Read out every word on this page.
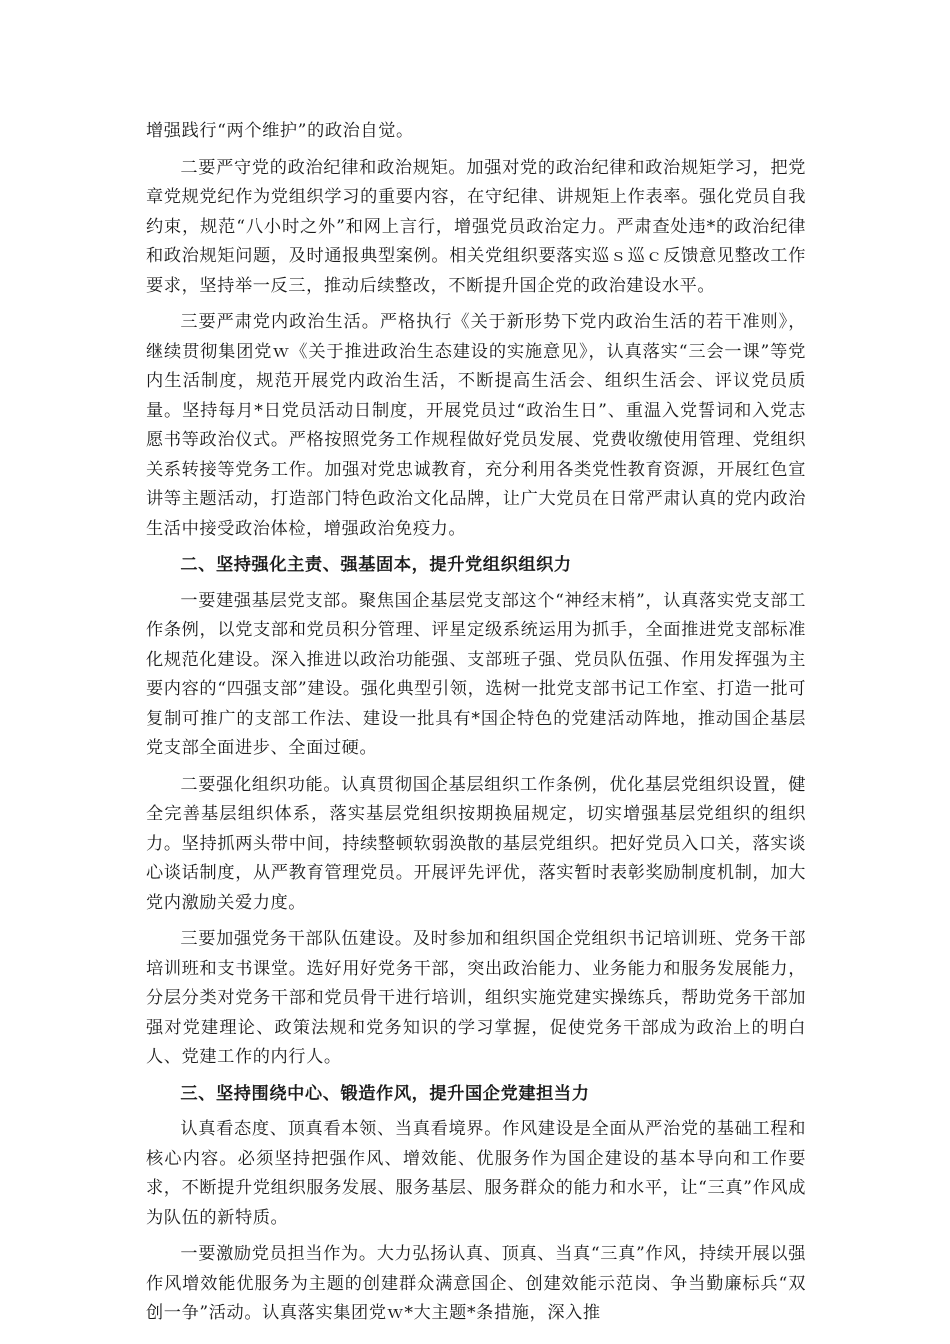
增强践行“两个维护”的政治自觉。

二要严守党的政治纪律和政治规矩。加强对党的政治纪律和政治规矩学习，把党章党规党纪作为党组织学习的重要内容，在守纪律、讲规矩上作表率。强化党员自我约束，规范“八小时之外”和网上言行，增强党员政治定力。严肃查处违*的政治纪律和政治规矩问题，及时通报典型案例。相关党组织要落实巡ｓ巡ｃ反馈意见整改工作要求，坚持举一反三，推动后续整改，不断提升国企党的政治建设水平。

三要严肃党内政治生活。严格执行《关于新形势下党内政治生活的若干准则》，继续贯彻集团党ｗ《关于推进政治生态建设的实施意见》，认真落实“三会一课”等党内生活制度，规范开展党内政治生活，不断提高生活会、组织生活会、评议党员质量。坚持每月*日党员活动日制度，开展党员过“政治生日”、重温入党誓词和入党志愿书等政治仪式。严格按照党务工作规程做好党员发展、党费收缴使用管理、党组织关系转接等党务工作。加强对党忠诚教育，充分利用各类党性教育资源，开展红色宣讲等主题活动，打造部门特色政治文化品牌，让广大党员在日常严肃认真的党内政治生活中接受政治体检，增强政治免疫力。

二、坚持强化主责、强基固本，提升党组织组织力

一要建强基层党支部。聚焦国企基层党支部这个“神经末梢”，认真落实党支部工作条例，以党支部和党员积分管理、评星定级系统运用为抓手，全面推进党支部标准化规范化建设。深入推进以政治功能强、支部班子强、党员队伍强、作用发挥强为主要内容的“四强支部”建设。强化典型引领，选树一批党支部书记工作室、打造一批可复制可推广的支部工作法、建设一批具有*国企特色的党建活动阵地，推动国企基层党支部全面进步、全面过硬。

二要强化组织功能。认真贯彻国企基层组织工作条例，优化基层党组织设置，健全完善基层组织体系，落实基层党组织按期换届规定，切实增强基层党组织的组织力。坚持抓两头带中间，持续整顿软弱涣散的基层党组织。把好党员入口关，落实谈心谈话制度，从严教育管理党员。开展评先评优，落实暂时表彰奖励制度机制，加大党内激励关爱力度。

三要加强党务干部队伍建设。及时参加和组织国企党组织书记培训班、党务干部培训班和支书课堂。选好用好党务干部，突出政治能力、业务能力和服务发展能力，分层分类对党务干部和党员骨干进行培训，组织实施党建实操练兵，帮助党务干部加强对党建理论、政策法规和党务知识的学习掌握，促使党务干部成为政治上的明白人、党建工作的内行人。

三、坚持围绕中心、锻造作风，提升国企党建担当力

认真看态度、顶真看本领、当真看境界。作风建设是全面从严治党的基础工程和核心内容。必须坚持把强作风、增效能、优服务作为国企建设的基本导向和工作要求，不断提升党组织服务发展、服务基层、服务群众的能力和水平，让“三真”作风成为队伍的新特质。

一要激励党员担当作为。大力弘扬认真、顶真、当真“三真”作风，持续开展以强作风增效能优服务为主题的创建群众满意国企、创建效能示范岗、争当勤廉标兵“双创一争”活动。认真落实集团党ｗ*大主题*条措施，深入推
